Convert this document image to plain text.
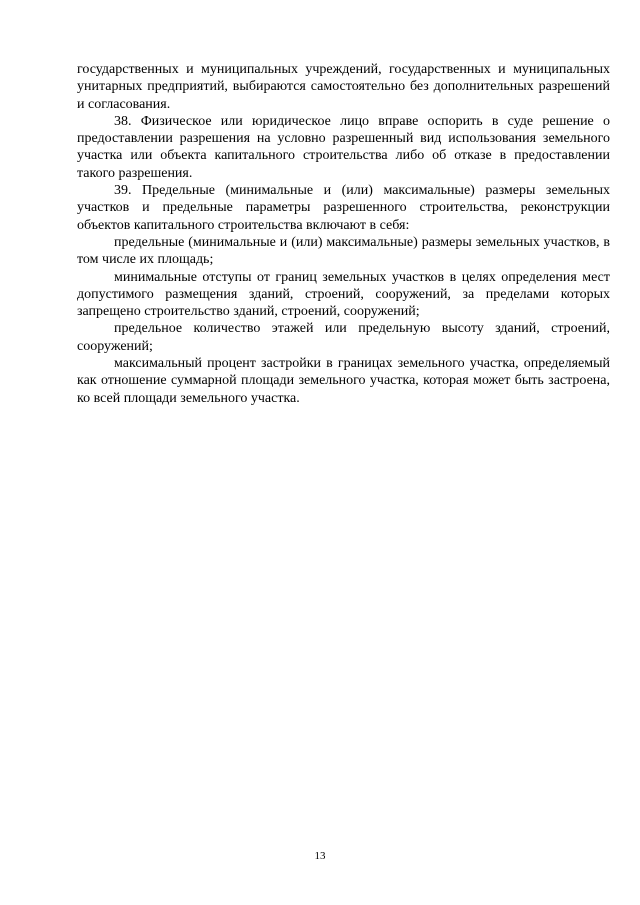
государственных и муниципальных учреждений, государственных и муниципальных унитарных предприятий, выбираются самостоятельно без дополнительных разрешений и согласования.

38. Физическое или юридическое лицо вправе оспорить в суде решение о предоставлении разрешения на условно разрешенный вид использования земельного участка или объекта капитального строительства либо об отказе в предоставлении такого разрешения.

39. Предельные (минимальные и (или) максимальные) размеры земельных участков и предельные параметры разрешенного строительства, реконструкции объектов капитального строительства включают в себя:

предельные (минимальные и (или) максимальные) размеры земельных участков, в том числе их площадь;

минимальные отступы от границ земельных участков в целях определения мест допустимого размещения зданий, строений, сооружений, за пределами которых запрещено строительство зданий, строений, сооружений;

предельное количество этажей или предельную высоту зданий, строений, сооружений;

максимальный процент застройки в границах земельного участка, определяемый как отношение суммарной площади земельного участка, которая может быть застроена, ко всей площади земельного участка.

13
